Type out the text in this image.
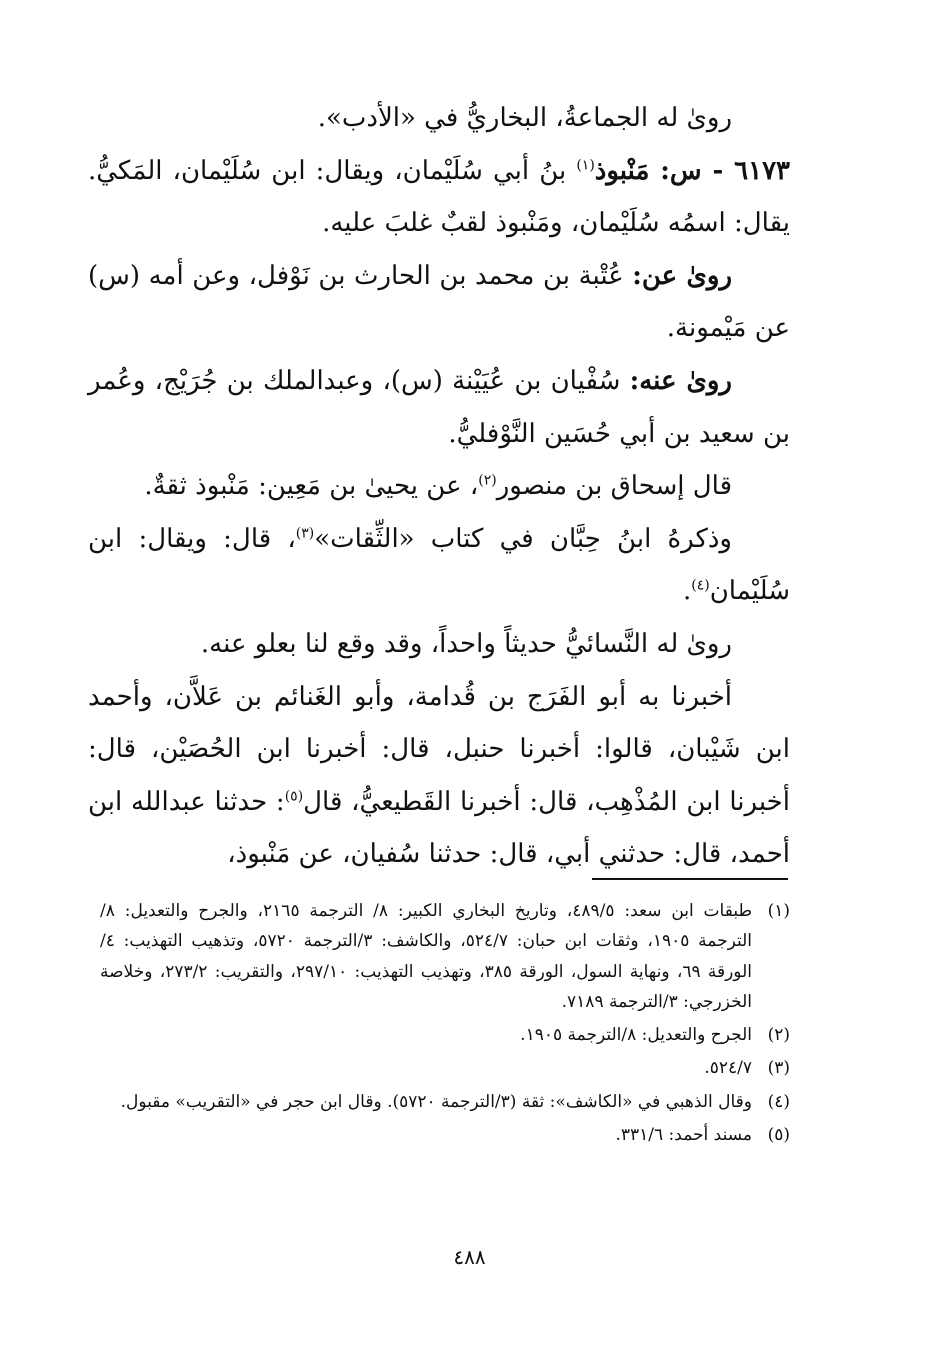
رویٰ له الجماعةُ، البخاريُّ في «الأدب».

٦١٧٣ - س: مَنْبوذ$^{(١)}$ بنُ أبي سُلَيْمان، ويقال: ابن سُلَيْمان، المَكيُّ. يقال: اسمُه سُلَيْمان، ومَنْبوذ لقبٌ غلبَ عليه.

رویٰ عن: عُتْبة بن محمد بن الحارث بن نَوْفل، وعن أمه (س) عن مَيْمونة.

رویٰ عنه: سُفْيان بن عُيَيْنة (س)، وعبدالملك بن جُرَيْج، وعُمر بن سعيد بن أبي حُسَين النَّوْفليُّ.

قال إسحاق بن منصور$^{(٢)}$، عن يحيىٰ بن مَعِين: مَنْبوذ ثقةٌ.

وذكرهُ ابنُ حِبَّان في كتاب «الثِّقات»$^{(٣)}$، قال: ويقال: ابن سُلَيْمان$^{(٤)}$.

رویٰ له النَّسائيُّ حديثاً واحداً، وقد وقع لنا بعلو عنه.

أخبرنا به أبو الفَرَج بن قُدامة، وأبو الغَنائم بن عَلاَّن، وأحمد ابن شَيْبان، قالوا: أخبرنا حنبل، قال: أخبرنا ابن الحُصَيْن، قال: أخبرنا ابن المُذْهِب، قال: أخبرنا القَطيعيُّ، قال$^{(٥)}$: حدثنا عبدالله ابن أحمد، قال: حدثني أبي، قال: حدثنا سُفيان، عن مَنْبوذ،

(١)
طبقات ابن سعد: ٤٨٩/٥، وتاريخ البخاري الكبير: ٨/ الترجمة ٢١٦٥، والجرح والتعديل: ٨/الترجمة ١٩٠٥، وثقات ابن حبان: ٥٢٤/٧، والكاشف: ٣/الترجمة ٥٧٢٠، وتذهيب التهذيب: ٤/الورقة ٦٩، ونهاية السول، الورقة ٣٨٥، وتهذيب التهذيب: ٢٩٧/١٠، والتقريب: ٢٧٣/٢، وخلاصة الخزرجي: ٣/الترجمة ٧١٨٩.
(٢)
الجرح والتعديل: ٨/الترجمة ١٩٠٥.
(٣)
٥٢٤/٧.
(٤)
وقال الذهبي في «الكاشف»: ثقة (٣/الترجمة ٥٧٢٠). وقال ابن حجر في «التقريب» مقبول.
(٥)
مسند أحمد: ٣٣١/٦.
٤٨٨
